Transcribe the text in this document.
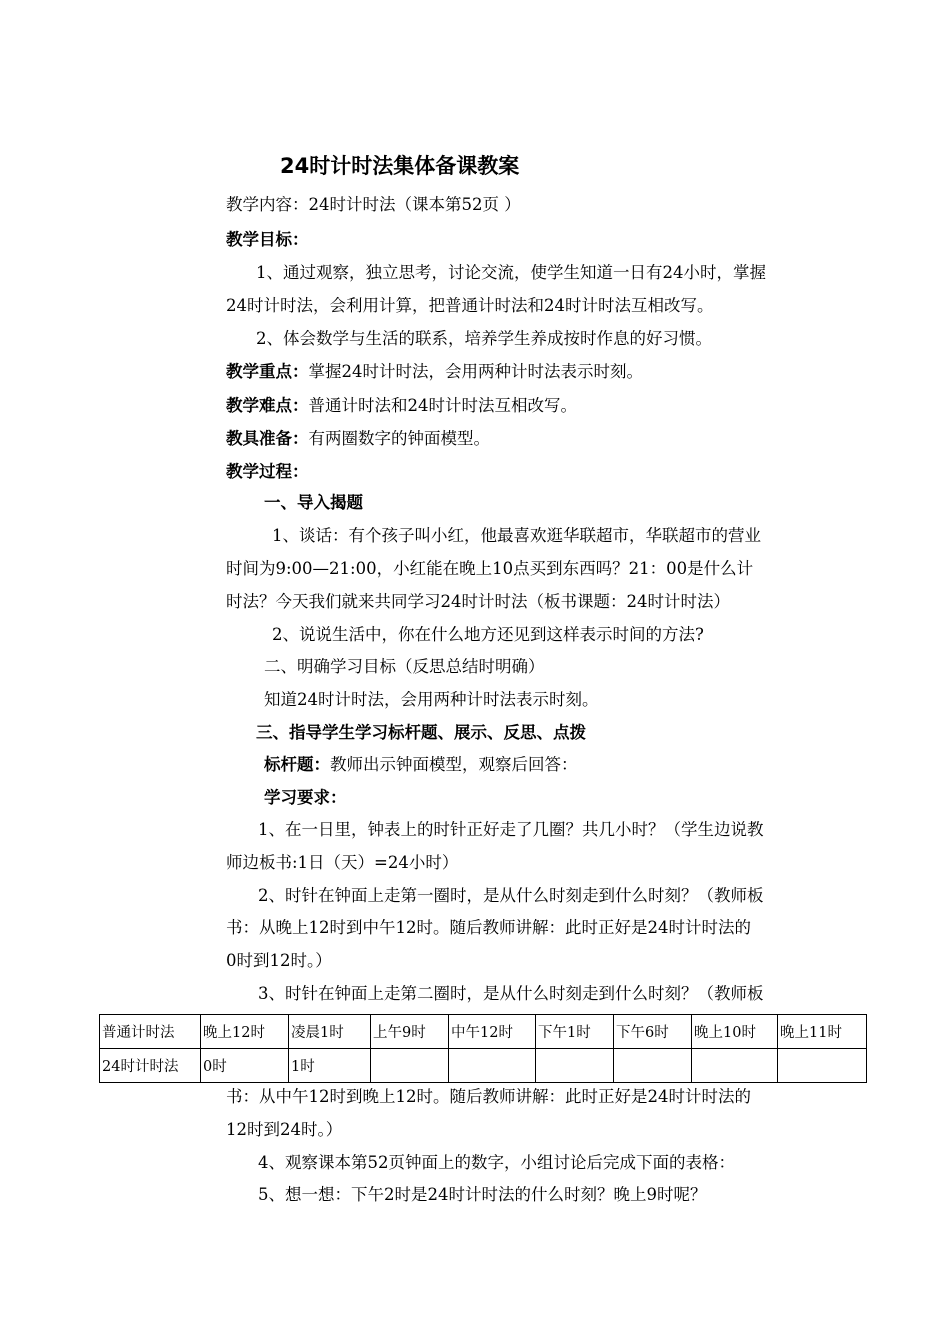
24时计时法集体备课教案
教学内容：24时计时法（课本第52页 ）
教学目标：
1、通过观察，独立思考，讨论交流，使学生知道一日有24小时，掌握
24时计时法，会利用计算，把普通计时法和24时计时法互相改写。
2、体会数学与生活的联系，培养学生养成按时作息的好习惯。
教学重点：掌握24时计时法，会用两种计时法表示时刻。
教学难点：普通计时法和24时计时法互相改写。
教具准备：有两圈数字的钟面模型。
教学过程：
一、导入揭题
1、谈话：有个孩子叫小红，他最喜欢逛华联超市，华联超市的营业
时间为9:00—21:00，小红能在晚上10点买到东西吗？21：00是什么计
时法？今天我们就来共同学习24时计时法（板书课题：24时计时法）
2、说说生活中，你在什么地方还见到这样表示时间的方法?
二、明确学习目标（反思总结时明确）
知道24时计时法，会用两种计时法表示时刻。
三、指导学生学习标杆题、展示、反思、点拨
标杆题：教师出示钟面模型，观察后回答：
学习要求：
1、在一日里，钟表上的时针正好走了几圈？共几小时？（学生边说教
师边板书:1日（天）=24小时）
2、时针在钟面上走第一圈时，是从什么时刻走到什么时刻？（教师板
书：从晚上12时到中午12时。随后教师讲解：此时正好是24时计时法的
0时到12时。）
3、时针在钟面上走第二圈时，是从什么时刻走到什么时刻？（教师板
普通计时法	晚上12时	凌晨1时	上午9时	中午12时	下午1时	下午6时	晚上10时	晚上11时
24时计时法	0时	1时						
书：从中午12时到晚上12时。随后教师讲解：此时正好是24时计时法的
12时到24时。）
4、观察课本第52页钟面上的数字，小组讨论后完成下面的表格：
5、想一想：下午2时是24时计时法的什么时刻？晚上9时呢？
